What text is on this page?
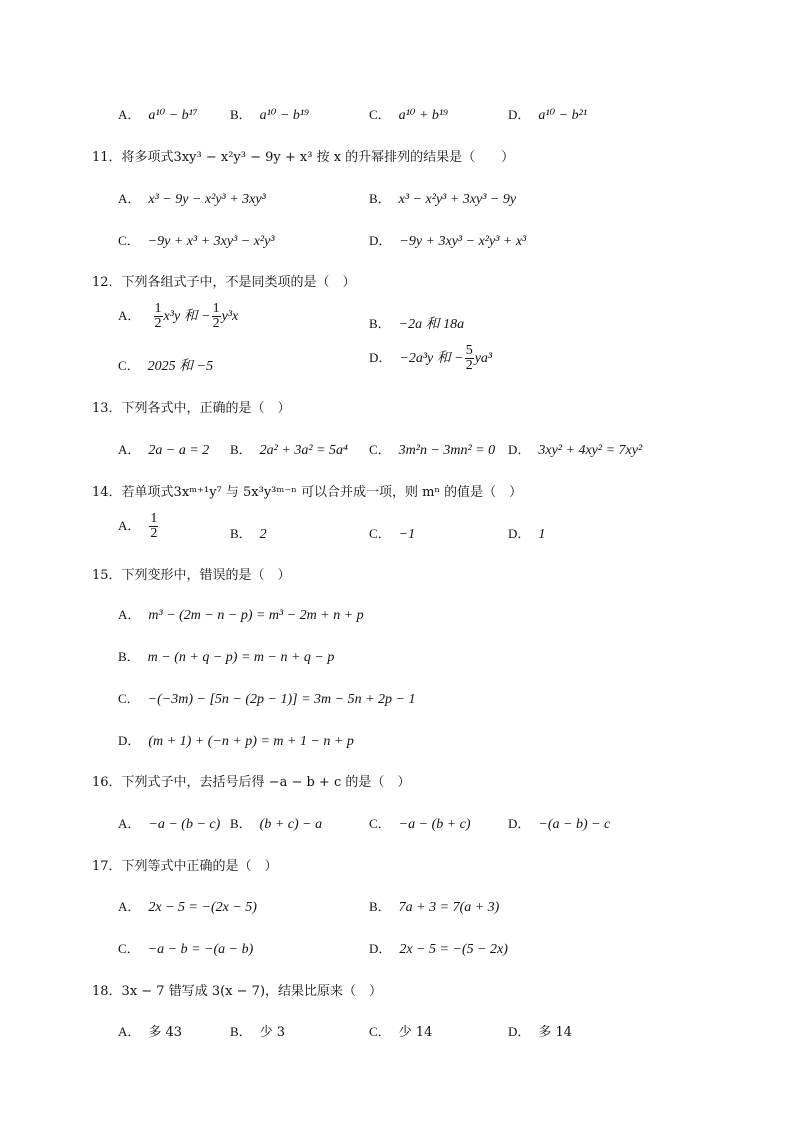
A． a¹⁰ − b¹⁷ B． a¹⁰ − b¹⁹	C． a¹⁰ + b¹⁹	D． a¹⁰ − b²¹
11．将多项式3xy³ − x²y³ − 9y + x³ 按 x 的升幂排列的结果是（　　）
A． x³ − 9y − x²y³ + 3xy³	B． x³ − x²y³ + 3xy³ − 9y
C． −9y + x³ + 3xy³ − x²y³	D． −9y + 3xy³ − x²y³ + x³
12．下列各组式子中，不是同类项的是（　）
A． $\frac{1}{2} x^3y$ 和 − $\frac{1}{2} y^3x$	B． −2a 和 18a
C． 2025 和 −5
D． −2a³y 和 − $\frac{5}{2} ya^3$
13．下列各式中，正确的是（　）
A． 2a − a = 2 B． 2a² + 3a² = 5a⁴ C． 3m²n − 3mn² = 0 D． 3xy² + 4xy² = 7xy²
14．若单项式3xᵐ⁺¹y⁷ 与 5x³y³ᵐ⁻ⁿ 可以合并成一项，则 mⁿ 的值是（　）
A． $\frac{1}{2}$	B． 2	C． −1	D． 1
15．下列变形中，错误的是（　）
A． m³ − (2m − n − p) = m³ − 2m + n + p
B． m − (n + q − p) = m − n + q − p
C． −(−3m) − [5n − (2p − 1)] = 3m − 5n + 2p − 1
D． (m + 1) + (−n + p) = m + 1 − n + p
16．下列式子中，去括号后得 −a − b + c 的是（　）
A． −a − (b − c) B． (b + c) − a	C． −a − (b + c)	D． −(a − b) − c
17．下列等式中正确的是（　）
A． 2x − 5 = −(2x − 5)	B． 7a + 3 = 7(a + 3)
C． −a − b = −(a − b)	D． 2x − 5 = −(5 − 2x)
18．3x − 7 错写成 3(x − 7)，结果比原来（　）
A． 多 43	B． 少 3	C． 少 14	D． 多 14
